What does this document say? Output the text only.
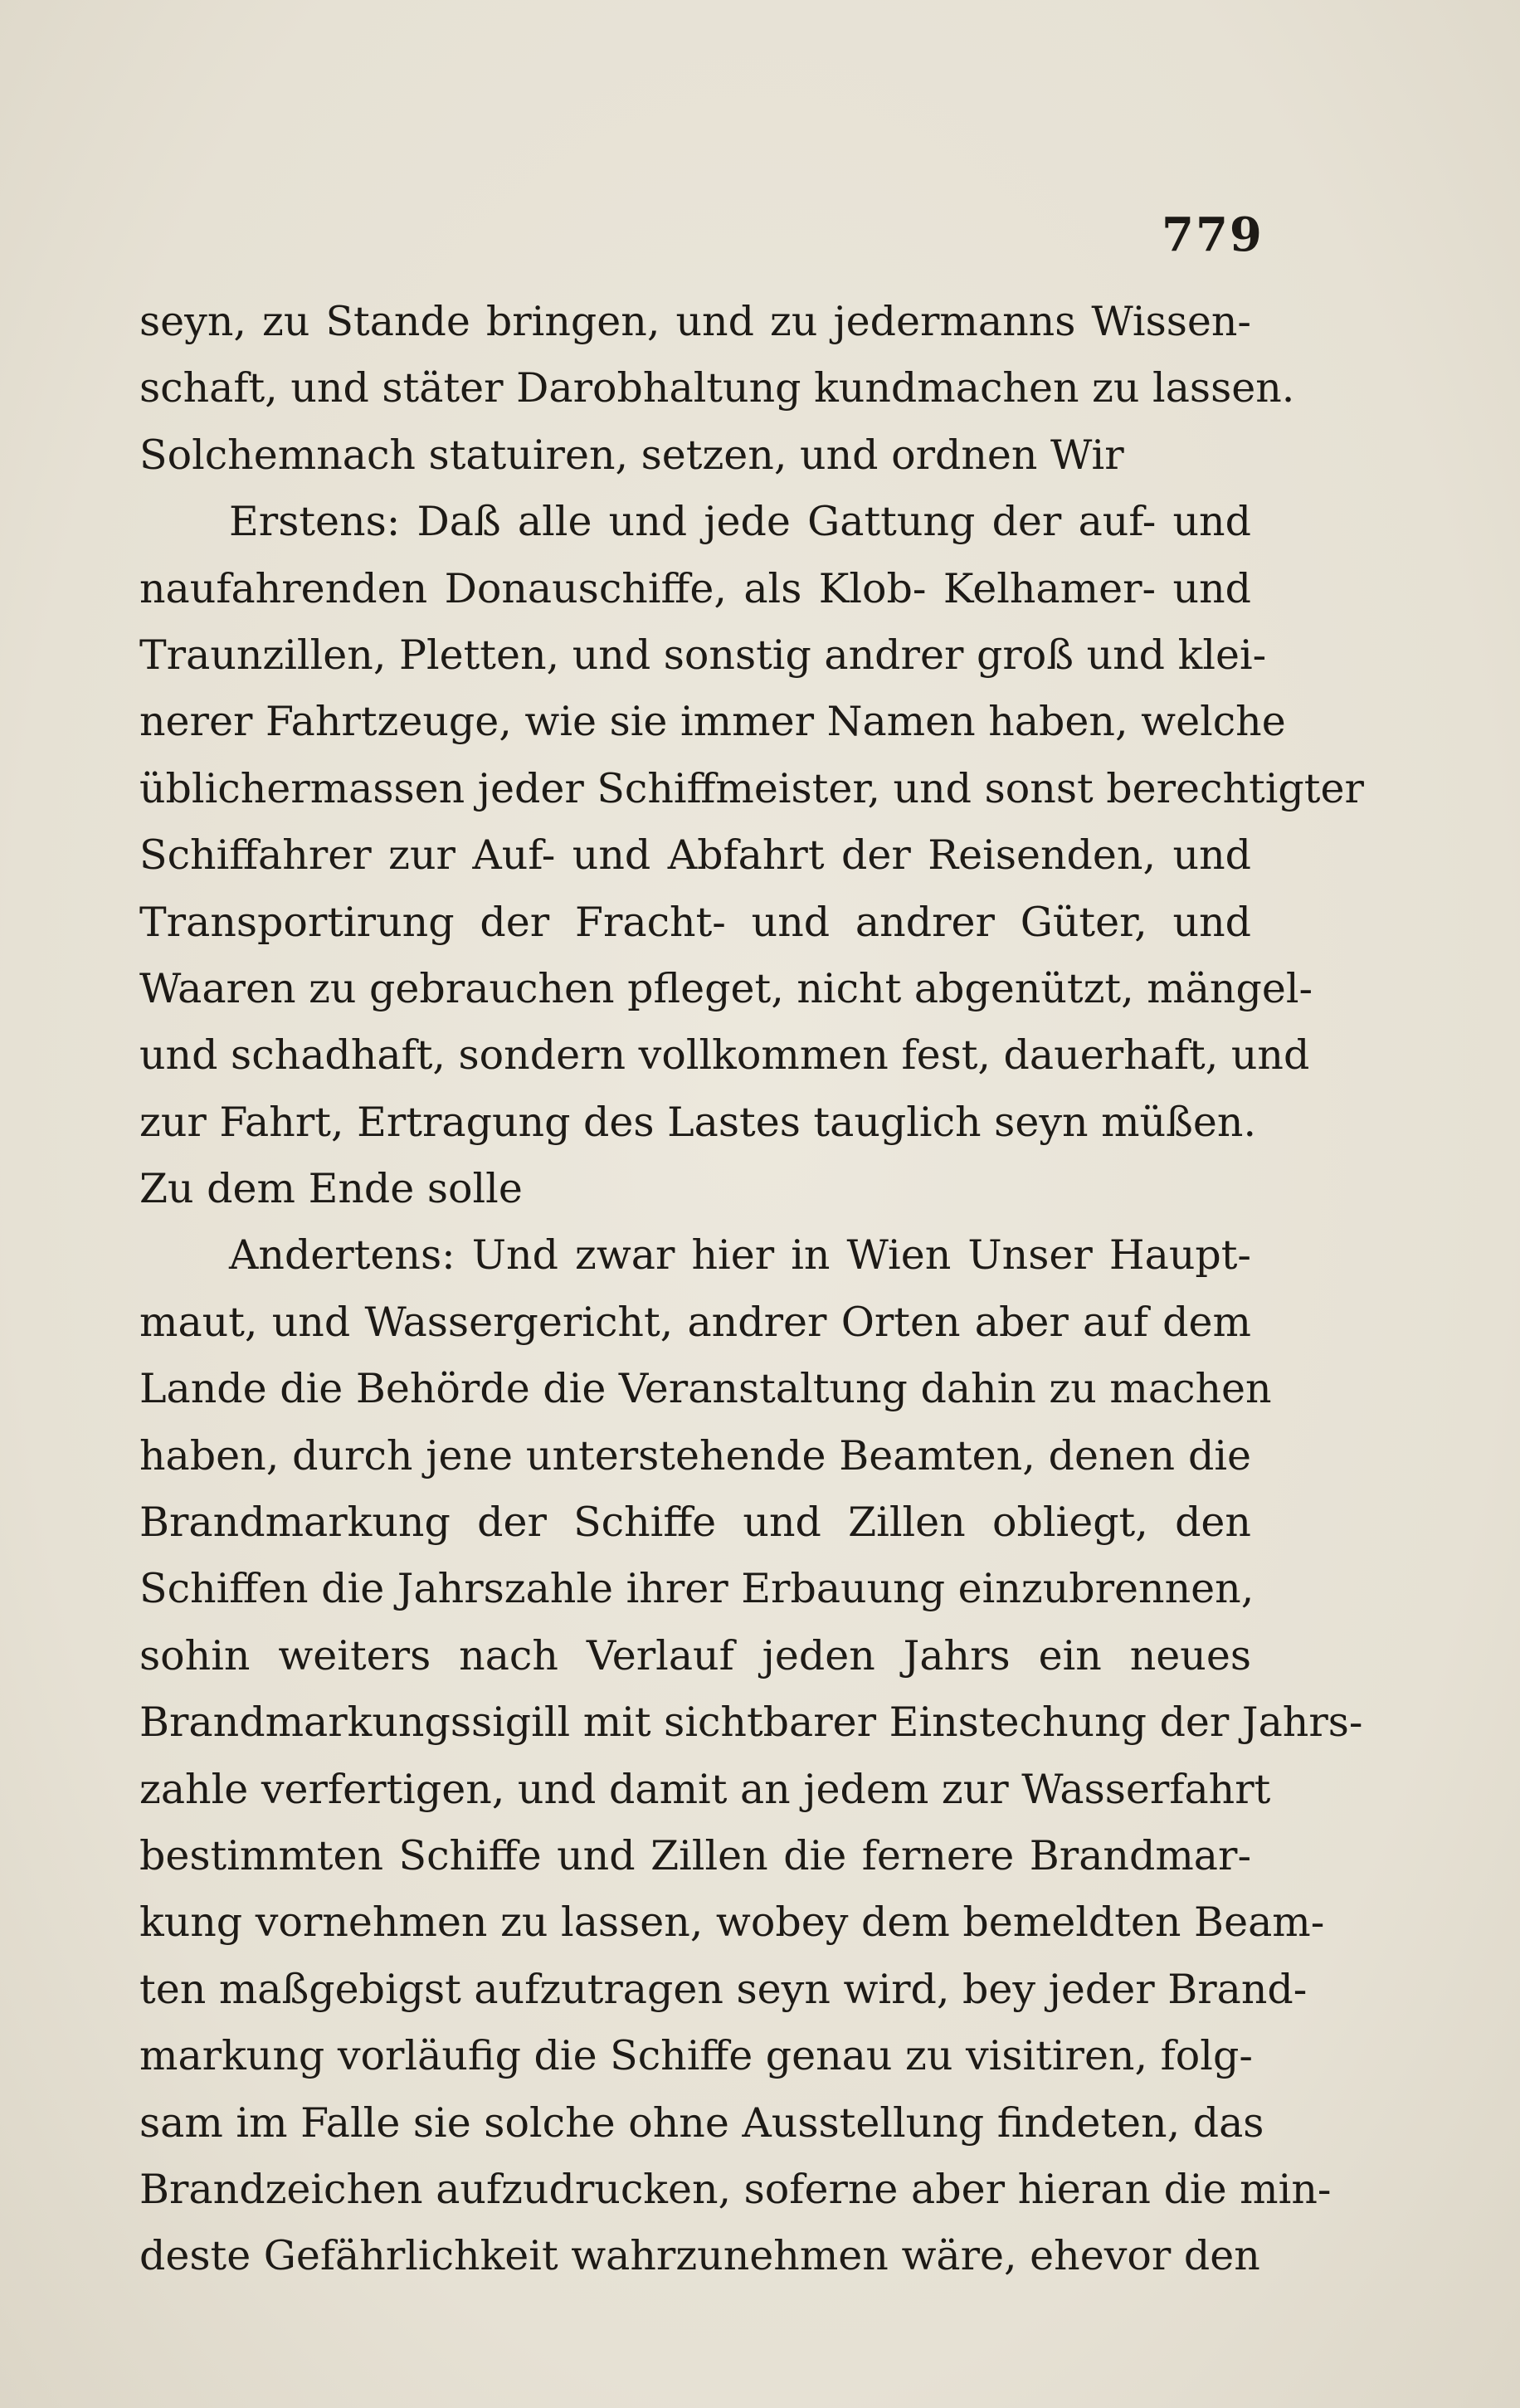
779
seyn, zu Stande bringen, und zu jedermanns Wissen-
schaft, und stäter Darobhaltung kundmachen zu lassen.
Solchemnach statuiren, setzen, und ordnen Wir
Erstens: Daß alle und jede Gattung der auf- und
naufahrenden Donauschiffe, als Klob- Kelhamer- und
Traunzillen, Pletten, und sonstig andrer groß und klei-
nerer Fahrtzeuge, wie sie immer Namen haben, welche
üblichermassen jeder Schiffmeister, und sonst berechtigter
Schiffahrer zur Auf- und Abfahrt der Reisenden, und
Transportirung der Fracht- und andrer Güter, und
Waaren zu gebrauchen pfleget, nicht abgenützt, mängel-
und schadhaft, sondern vollkommen fest, dauerhaft, und
zur Fahrt, Ertragung des Lastes tauglich seyn müßen.
Zu dem Ende solle
Andertens: Und zwar hier in Wien Unser Haupt-
maut, und Wassergericht, andrer Orten aber auf dem
Lande die Behörde die Veranstaltung dahin zu machen
haben, durch jene unterstehende Beamten, denen die
Brandmarkung der Schiffe und Zillen obliegt, den
Schiffen die Jahrszahle ihrer Erbauung einzubrennen,
sohin weiters nach Verlauf jeden Jahrs ein neues
Brandmarkungssigill mit sichtbarer Einstechung der Jahrs-
zahle verfertigen, und damit an jedem zur Wasserfahrt
bestimmten Schiffe und Zillen die fernere Brandmar-
kung vornehmen zu lassen, wobey dem bemeldten Beam-
ten maßgebigst aufzutragen seyn wird, bey jeder Brand-
markung vorläufig die Schiffe genau zu visitiren, folg-
sam im Falle sie solche ohne Ausstellung findeten, das
Brandzeichen aufzudrucken, soferne aber hieran die min-
deste Gefährlichkeit wahrzunehmen wäre, ehevor den
